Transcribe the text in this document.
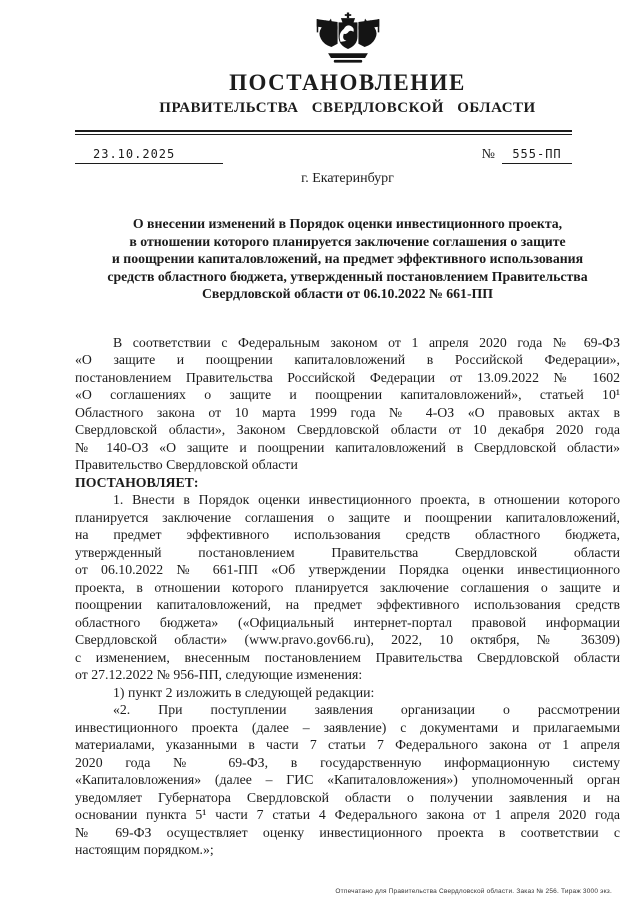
ПОСТАНОВЛЕНИЕ
ПРАВИТЕЛЬСТВА СВЕРДЛОВСКОЙ ОБЛАСТИ
23.10.2025	№	555-ПП
г. Екатеринбург
О внесении изменений в Порядок оценки инвестиционного проекта,
в отношении которого планируется заключение соглашения о защите
и поощрении капиталовложений, на предмет эффективного использования
средств областного бюджета, утвержденный постановлением Правительства
Свердловской области от 06.10.2022 № 661-ПП
В соответствии с Федеральным законом от 1 апреля 2020 года № 69-ФЗ
«О защите и поощрении капиталовложений в Российской Федерации»,
постановлением Правительства Российской Федерации от 13.09.2022 № 1602
«О соглашениях о защите и поощрении капиталовложений», статьей 10¹
Областного закона от 10 марта 1999 года № 4-ОЗ «О правовых актах в
Свердловской области», Законом Свердловской области от 10 декабря 2020 года
№ 140-ОЗ «О защите и поощрении капиталовложений в Свердловской области»
Правительство Свердловской области
ПОСТАНОВЛЯЕТ:
1. Внести в Порядок оценки инвестиционного проекта, в отношении которого
планируется заключение соглашения о защите и поощрении капиталовложений,
на предмет эффективного использования средств областного бюджета,
утвержденный постановлением Правительства Свердловской области
от 06.10.2022 № 661-ПП «Об утверждении Порядка оценки инвестиционного
проекта, в отношении которого планируется заключение соглашения о защите и
поощрении капиталовложений, на предмет эффективного использования средств
областного бюджета» («Официальный интернет-портал правовой информации
Свердловской области» (www.pravo.gov66.ru), 2022, 10 октября, № 36309)
с изменением, внесенным постановлением Правительства Свердловской области
от 27.12.2022 № 956-ПП, следующие изменения:
1) пункт 2 изложить в следующей редакции:
«2. При поступлении заявления организации о рассмотрении
инвестиционного проекта (далее – заявление) с документами и прилагаемыми
материалами, указанными в части 7 статьи 7 Федерального закона от 1 апреля
2020 года № 69-ФЗ, в государственную информационную систему
«Капиталовложения» (далее – ГИС «Капиталовложения») уполномоченный орган
уведомляет Губернатора Свердловской области о получении заявления и на
основании пункта 5¹ части 7 статьи 4 Федерального закона от 1 апреля 2020 года
№ 69-ФЗ осуществляет оценку инвестиционного проекта в соответствии с
настоящим порядком.»;
Отпечатано для Правительства Свердловской области. Заказ № 256. Тираж 3000 экз.
